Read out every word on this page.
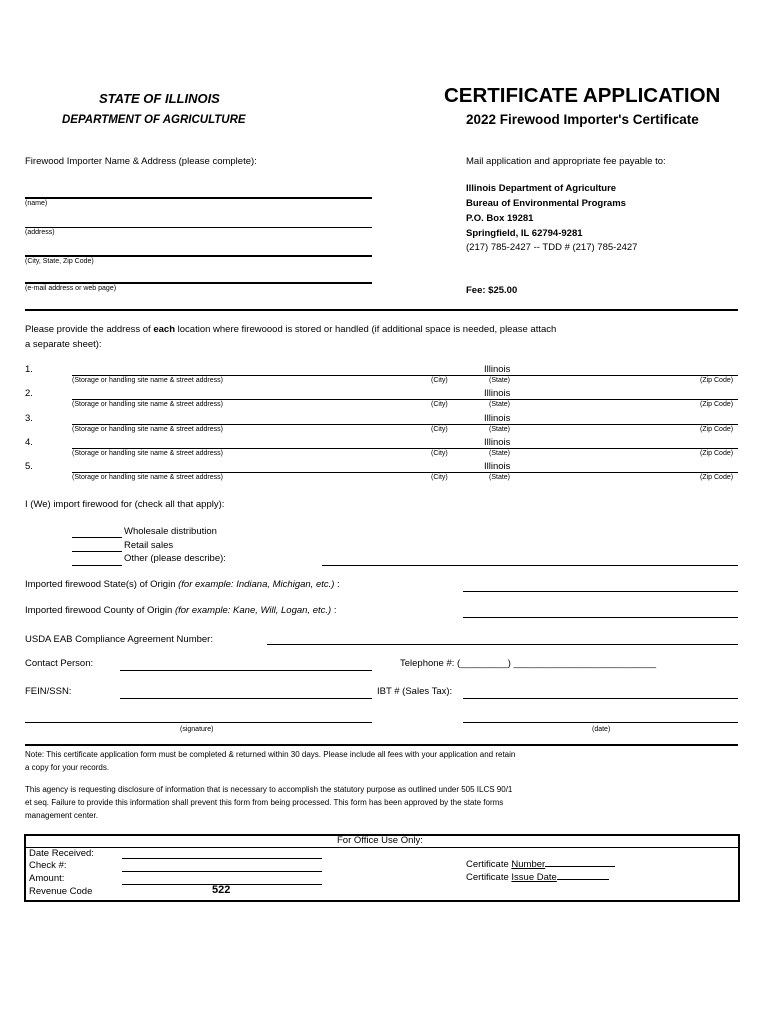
STATE OF ILLINOIS
DEPARTMENT OF AGRICULTURE
CERTIFICATE APPLICATION
2022 Firewood Importer's Certificate
Firewood Importer Name & Address (please complete):
(name)
(address)
(City, State, Zip Code)
(e-mail address or web page)
Mail application and appropriate fee payable to:
Illinois Department of Agriculture
Bureau of Environmental Programs
P.O. Box 19281
Springfield, IL 62794-9281
(217) 785-2427 -- TDD # (217) 785-2427
Fee: $25.00
Please provide the address of each location where firewoood is stored or handled (if additional space is needed, please attach
a separate sheet):
1.	Illinois
(Storage or handling site name & street address)	(City)	(State)	(Zip Code)
2.	Illinois
(Storage or handling site name & street address)	(City)	(State)	(Zip Code)
3.	Illinois
(Storage or handling site name & street address)	(City)	(State)	(Zip Code)
4.	Illinois
(Storage or handling site name & street address)	(City)	(State)	(Zip Code)
5.	Illinois
(Storage or handling site name & street address)	(City)	(State)	(Zip Code)
I (We) import firewood for (check all that apply):
Wholesale distribution
Retail sales
Other (please describe):
Imported firewood State(s) of Origin (for example: Indiana, Michigan, etc.) :
Imported firewood County of Origin (for example: Kane, Will, Logan, etc.) :
USDA EAB Compliance Agreement Number:
Contact Person:	Telephone #: (_________) ___________________________
FEIN/SSN:	IBT # (Sales Tax):
(signature)	(date)
Note: This certificate application form must be completed & returned within 30 days. Please include all fees with your application and retain
a copy for your records.
This agency is requesting disclosure of information that is necessary to accomplish the statutory purpose as outlined under 505 ILCS 90/1
et seq. Failure to provide this information shall prevent this form from being processed. This form has been approved by the state forms
management center.
For Office Use Only:
Date Received:
Check #:
Amount:
Revenue Code	522
Certificate Number
Certificate Issue Date
